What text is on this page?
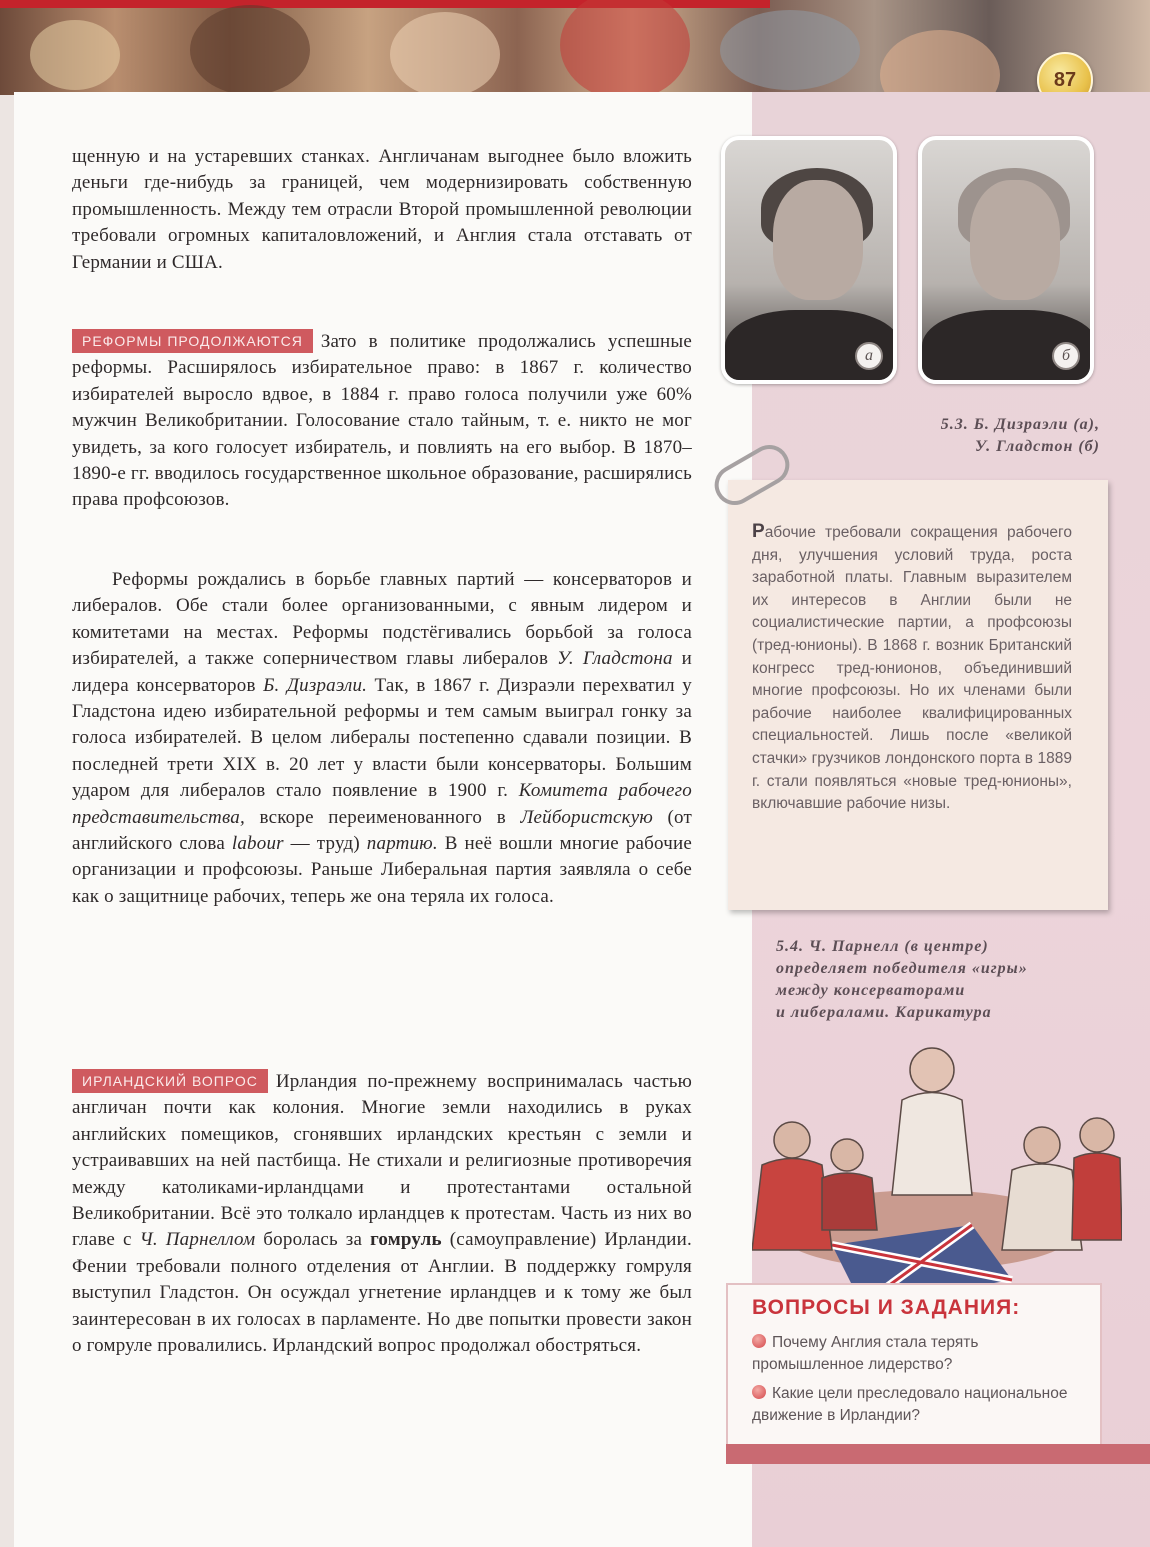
87

щенную и на устаревших станках. Англичанам выгоднее было вложить деньги где-нибудь за границей, чем модернизировать собственную промышленность. Между тем отрасли Второй промышленной революции требовали огромных капиталовложений, и Англия стала отставать от Германии и США.

РЕФОРМЫ ПРОДОЛЖАЮТСЯ Зато в политике продолжались успешные реформы. Расширялось избирательное право: в 1867 г. количество избирателей выросло вдвое, в 1884 г. право голоса получили уже 60% мужчин Великобритании. Голосование стало тайным, т. е. никто не мог увидеть, за кого голосует избиратель, и повлиять на его выбор. В 1870–1890-е гг. вводилось государственное школьное образование, расширялись права профсоюзов.

Реформы рождались в борьбе главных партий — консерваторов и либералов. Обе стали более организованными, с явным лидером и комитетами на местах. Реформы подстёгивались борьбой за голоса избирателей, а также соперничеством главы либералов У. Гладстона и лидера консерваторов Б. Дизраэли. Так, в 1867 г. Дизраэли перехватил у Гладстона идею избирательной реформы и тем самым выиграл гонку за голоса избирателей. В целом либералы постепенно сдавали позиции. В последней трети XIX в. 20 лет у власти были консерваторы. Большим ударом для либералов стало появление в 1900 г. Комитета рабочего представительства, вскоре переименованного в Лейбористскую (от английского слова labour — труд) партию. В неё вошли многие рабочие организации и профсоюзы. Раньше Либеральная партия заявляла о себе как о защитнице рабочих, теперь же она теряла их голоса.

ИРЛАНДСКИЙ ВОПРОС Ирландия по-прежнему воспринималась частью англичан почти как колония. Многие земли находились в руках английских помещиков, сгонявших ирландских крестьян с земли и устраивавших на ней пастбища. Не стихали и религиозные противоречия между католиками-ирландцами и протестантами остальной Великобритании. Всё это толкало ирландцев к протестам. Часть из них во главе с Ч. Парнеллом боролась за гомруль (самоуправление) Ирландии. Фении требовали полного отделения от Англии. В поддержку гомруля выступил Гладстон. Он осуждал угнетение ирландцев и к тому же был заинтересован в их голосах в парламенте. Но две попытки провести закон о гомруле провалились. Ирландский вопрос продолжал обостряться.

а	б
5.3. Б. Дизраэли (а),
У. Гладстон (б)
Рабочие требовали сокращения рабочего дня, улучшения условий труда, роста заработной платы. Главным выразителем их интересов в Англии были не социалистические партии, а профсоюзы (тред-юнионы). В 1868 г. возник Британский конгресс тред-юнионов, объединивший многие профсоюзы. Но их членами были рабочие наиболее квалифицированных специальностей. Лишь после «великой стачки» грузчиков лондонского порта в 1889 г. стали появляться «новые тред-юнионы», включавшие рабочие низы.
5.4. Ч. Парнелл (в центре)
определяет победителя «игры»
между консерваторами
и либералами. Карикатура
ВОПРОСЫ И ЗАДАНИЯ:
Почему Англия стала терять промышленное лидерство?
Какие цели преследовало национальное движение в Ирландии?
